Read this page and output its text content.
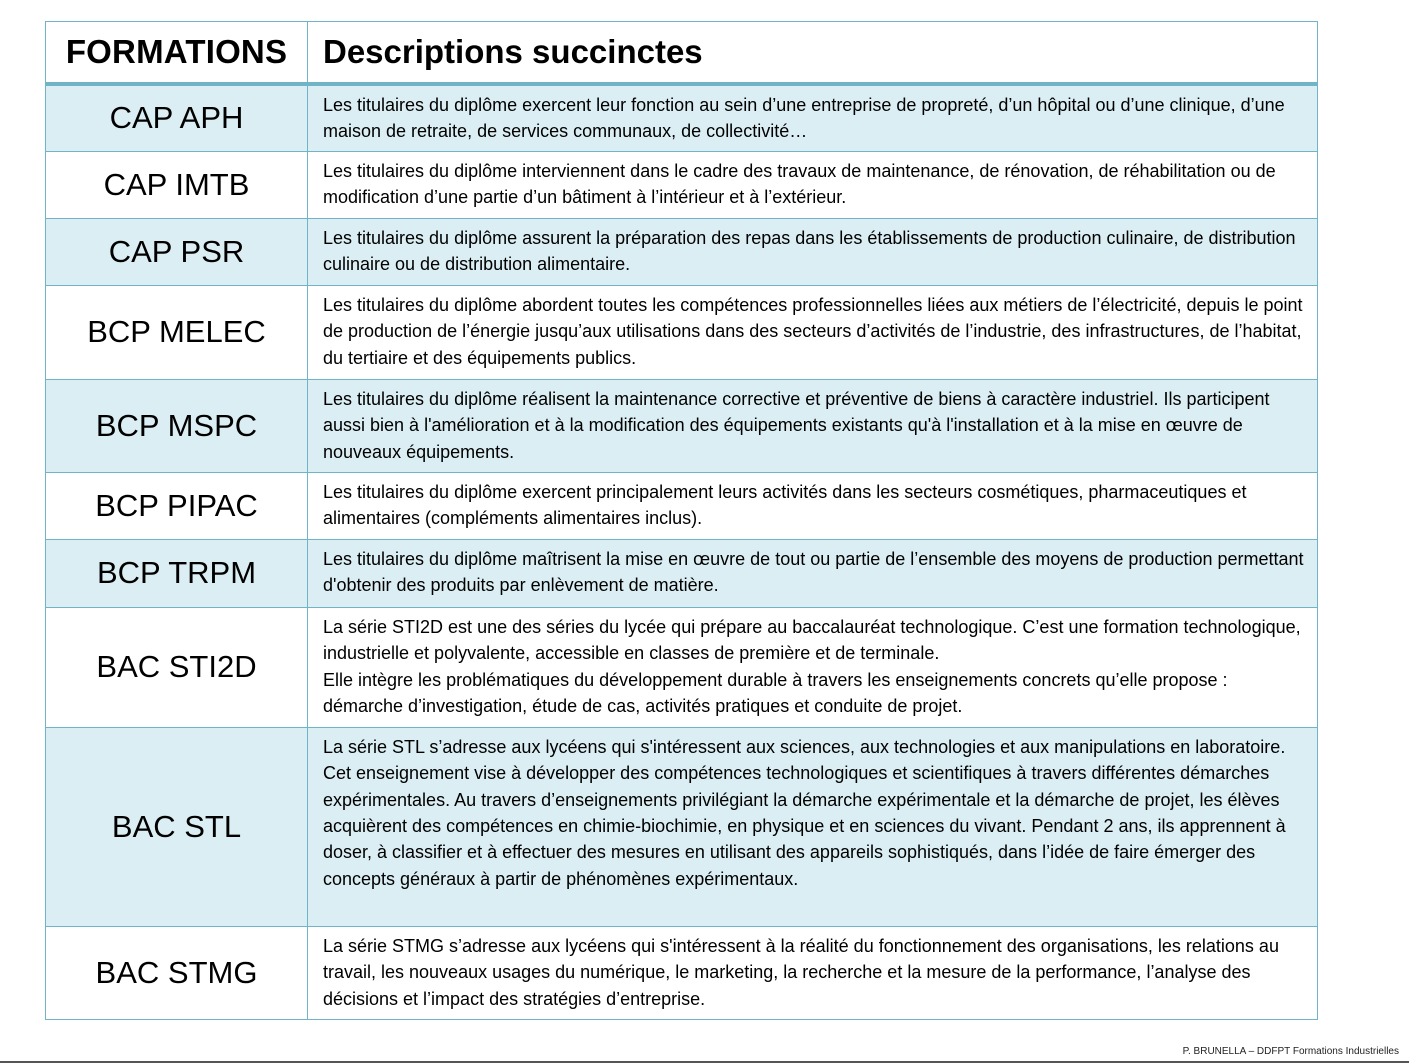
FORMATIONS	Descriptions succinctes
CAP APH	Les titulaires du diplôme exercent leur fonction au sein d’une entreprise de propreté, d’un hôpital ou d’une clinique, d’une maison de retraite, de services communaux, de collectivité…

CAP IMTB	Les titulaires du diplôme interviennent dans le cadre des travaux de maintenance, de rénovation, de réhabilitation ou de modification d’une partie d’un bâtiment à l’intérieur et à l’extérieur.

CAP PSR	Les titulaires du diplôme assurent la préparation des repas dans les établissements de production culinaire, de distribution culinaire ou de distribution alimentaire.

BCP MELEC	Les titulaires du diplôme abordent toutes les compétences professionnelles liées aux métiers de l’électricité, depuis le point de production de l’énergie jusqu’aux utilisations dans des secteurs d’activités de l’industrie, des infrastructures, de l’habitat, du tertiaire et des équipements publics.

BCP MSPC	Les titulaires du diplôme réalisent la maintenance corrective et préventive de biens à caractère industriel. Ils participent aussi bien à l'amélioration et à la modification des équipements existants qu'à l'installation et à la mise en œuvre de nouveaux équipements.

BCP PIPAC	Les titulaires du diplôme exercent principalement leurs activités dans les secteurs cosmétiques, pharmaceutiques et alimentaires (compléments alimentaires inclus).

BCP TRPM	Les titulaires du diplôme maîtrisent la mise en œuvre de tout ou partie de l’ensemble des moyens de production permettant d'obtenir des produits par enlèvement de matière.

BAC STI2D	La série STI2D est une des séries du lycée qui prépare au baccalauréat technologique. C’est une formation technologique, industrielle et polyvalente, accessible en classes de première et de terminale.

Elle intègre les problématiques du développement durable à travers les enseignements concrets qu’elle propose : démarche d’investigation, étude de cas, activités pratiques et conduite de projet.

BAC STL	La série STL s’adresse aux lycéens qui s'intéressent aux sciences, aux technologies et aux manipulations en laboratoire. Cet enseignement vise à développer des compétences technologiques et scientifiques à travers différentes démarches expérimentales. Au travers d’enseignements privilégiant la démarche expérimentale et la démarche de projet, les élèves acquièrent des compétences en chimie-biochimie, en physique et en sciences du vivant. Pendant 2 ans, ils apprennent à doser, à classifier et à effectuer des mesures en utilisant des appareils sophistiqués, dans l’idée de faire émerger des concepts généraux à partir de phénomènes expérimentaux.

BAC STMG	La série STMG s’adresse aux lycéens qui s'intéressent à la réalité du fonctionnement des organisations, les relations au travail, les nouveaux usages du numérique, le marketing, la recherche et la mesure de la performance, l’analyse des décisions et l’impact des stratégies d’entreprise.

P. BRUNELLA – DDFPT Formations Industrielles
